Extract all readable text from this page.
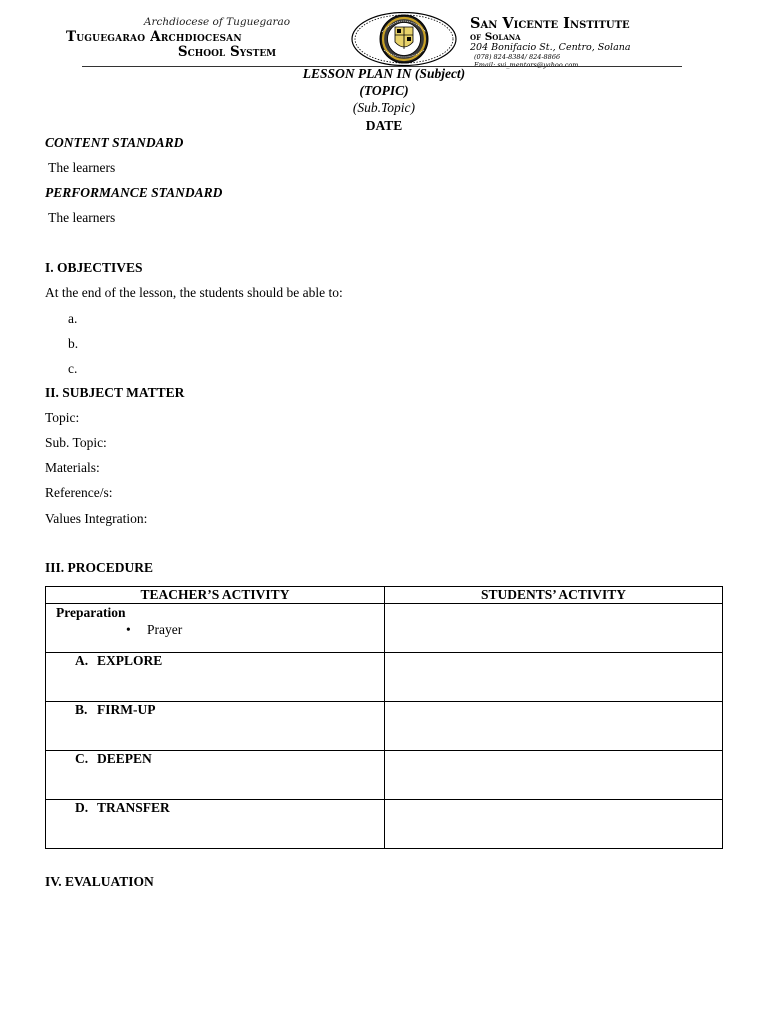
Archdiocese of Tuguegarao
Tuguegarao Archdiocesan
School System
San Vicente Institute
of Solana
204 Bonifacio St., Centro, Solana
(078) 824-8384/ 824-8866
Email: svi_mentors@yahoo.com
LESSON PLAN IN (Subject)
(TOPIC)
(Sub.Topic)
DATE
CONTENT STANDARD
The learners
PERFORMANCE STANDARD
The learners
I. OBJECTIVES
At the end of the lesson, the students should be able to:
a.
b.
c.
II. SUBJECT MATTER
Topic:
Sub. Topic:
Materials:
Reference/s:
Values Integration:
III. PROCEDURE
TEACHER’S ACTIVITY	STUDENTS’ ACTIVITY

Preparation
• Prayer	

A. EXPLORE	

B. FIRM-UP	

C. DEEPEN	

D. TRANSFER	

IV. EVALUATION
